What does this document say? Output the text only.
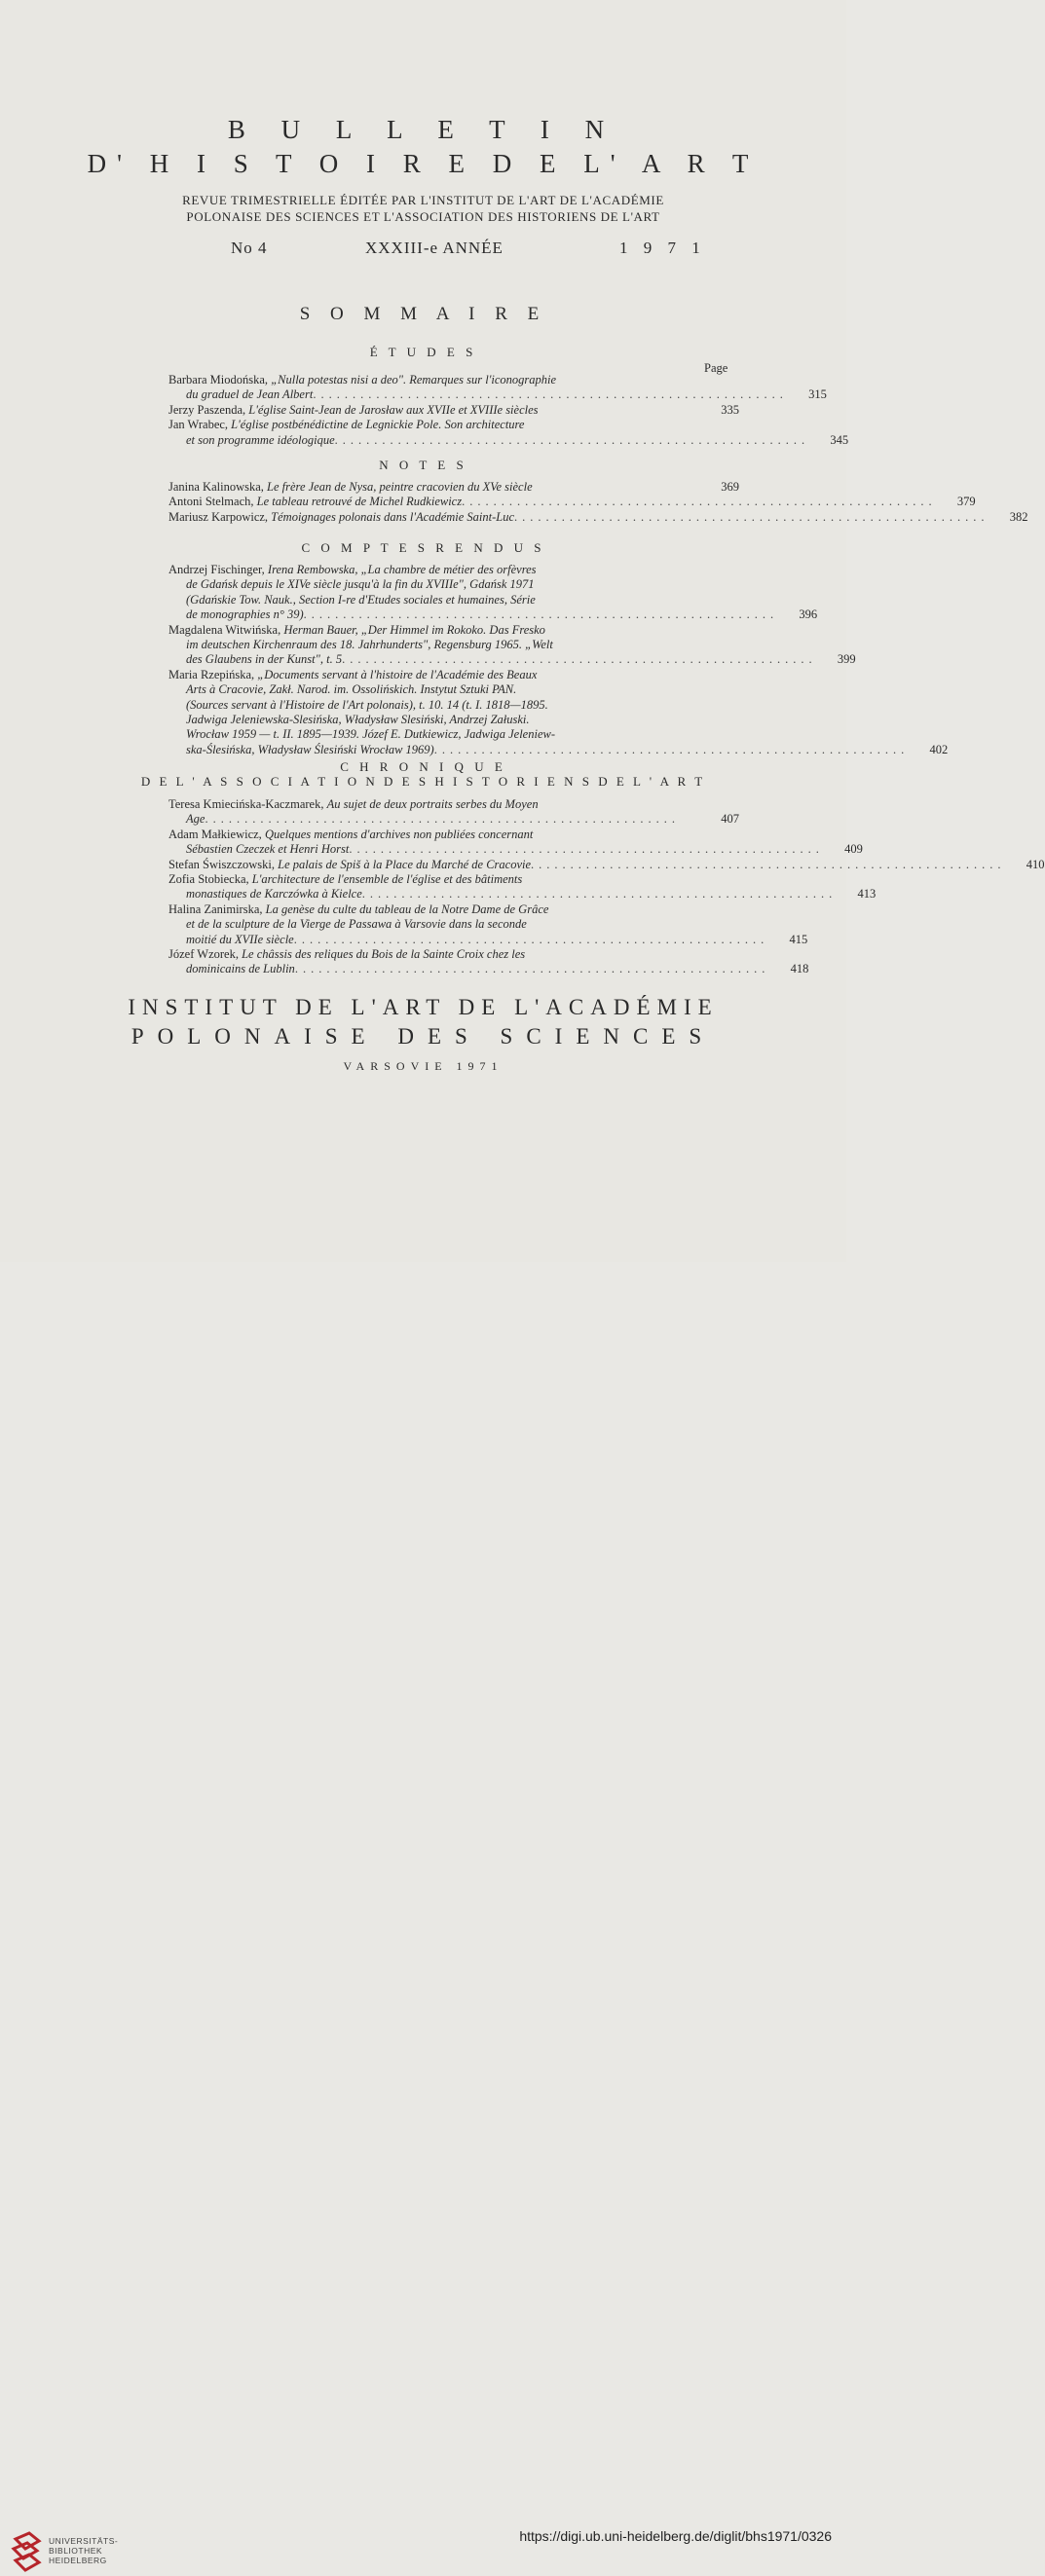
B U L L E T I N
D' H I S T O I R E D E L' A R T
REVUE TRIMESTRIELLE ÉDITÉE PAR L'INSTITUT DE L'ART DE L'ACADÉMIE
POLONAISE DES SCIENCES ET L'ASSOCIATION DES HISTORIENS DE L'ART
No 4	XXXIII-e ANNÉE	1 9 7 1
S O M M A I R E
Page
É T U D E S
Barbara Miodońska, „Nulla potestas nisi a deo". Remarques sur l'iconographie
du graduel de Jean Albert ............................................................	315
Jerzy Paszenda, L'église Saint-Jean de Jarosław aux XVIIe et XVIIIe siècles	335
Jan Wrabec, L'église postbénédictine de Legnickie Pole. Son architecture
et son programme idéologique ............................................................	345
N O T E S
Janina Kalinowska, Le frère Jean de Nysa, peintre cracovien du XVe siècle	369
Antoni Stelmach, Le tableau retrouvé de Michel Rudkiewicz ............................................................	379
Mariusz Karpowicz, Témoignages polonais dans l'Académie Saint-Luc ............................................................	382
C O M P T E S R E N D U S
Andrzej Fischinger, Irena Rembowska, „La chambre de métier des orfèvres
de Gdańsk depuis le XIVe siècle jusqu'à la fin du XVIIIe", Gdańsk 1971
(Gdańskie Tow. Nauk., Section I-re d'Etudes sociales et humaines, Série
de monographies n° 39) ............................................................	396
Magdalena Witwińska, Herman Bauer, „Der Himmel im Rokoko. Das Fresko
im deutschen Kirchenraum des 18. Jahrhunderts", Regensburg 1965. „Welt
des Glaubens in der Kunst", t. 5 ............................................................	399
Maria Rzepińska, „Documents servant à l'histoire de l'Académie des Beaux
Arts à Cracovie, Zakł. Narod. im. Ossolińskich. Instytut Sztuki PAN.
(Sources servant à l'Histoire de l'Art polonais), t. 10. 14 (t. I. 1818—1895.
Jadwiga Jeleniewska-Slesińska, Władysław Slesiński, Andrzej Załuski.
Wrocław 1959 — t. II. 1895—1939. Józef E. Dutkiewicz, Jadwiga Jeleniew-
ska-Ślesińska, Władysław Ślesiński Wrocław 1969) ............................................................	402
C H R O N I Q U E
D E L ' A S S O C I A T I O N D E S H I S T O R I E N S D E L ' A R T
Teresa Kmiecińska-Kaczmarek, Au sujet de deux portraits serbes du Moyen
Age ............................................................	407
Adam Małkiewicz, Quelques mentions d'archives non publiées concernant
Sébastien Czeczek et Henri Horst ............................................................	409
Stefan Świszczowski, Le palais de Spiš à la Place du Marché de Cracovie ............................................................	410
Zofia Stobiecka, L'architecture de l'ensemble de l'église et des bâtiments
monastiques de Karczówka à Kielce ............................................................	413
Halina Zanimirska, La genèse du culte du tableau de la Notre Dame de Grâce
et de la sculpture de la Vierge de Passawa à Varsovie dans la seconde
moitié du XVIIe siècle ............................................................	415
Józef Wzorek, Le châssis des reliques du Bois de la Sainte Croix chez les
dominicains de Lublin ............................................................	418
INSTITUT DE L'ART DE L'ACADÉMIE
POLONAISE DES SCIENCES
VARSOVIE 1971
UNIVERSITÄTS-
BIBLIOTHEK
HEIDELBERG
https://digi.ub.uni-heidelberg.de/diglit/bhs1971/0326
